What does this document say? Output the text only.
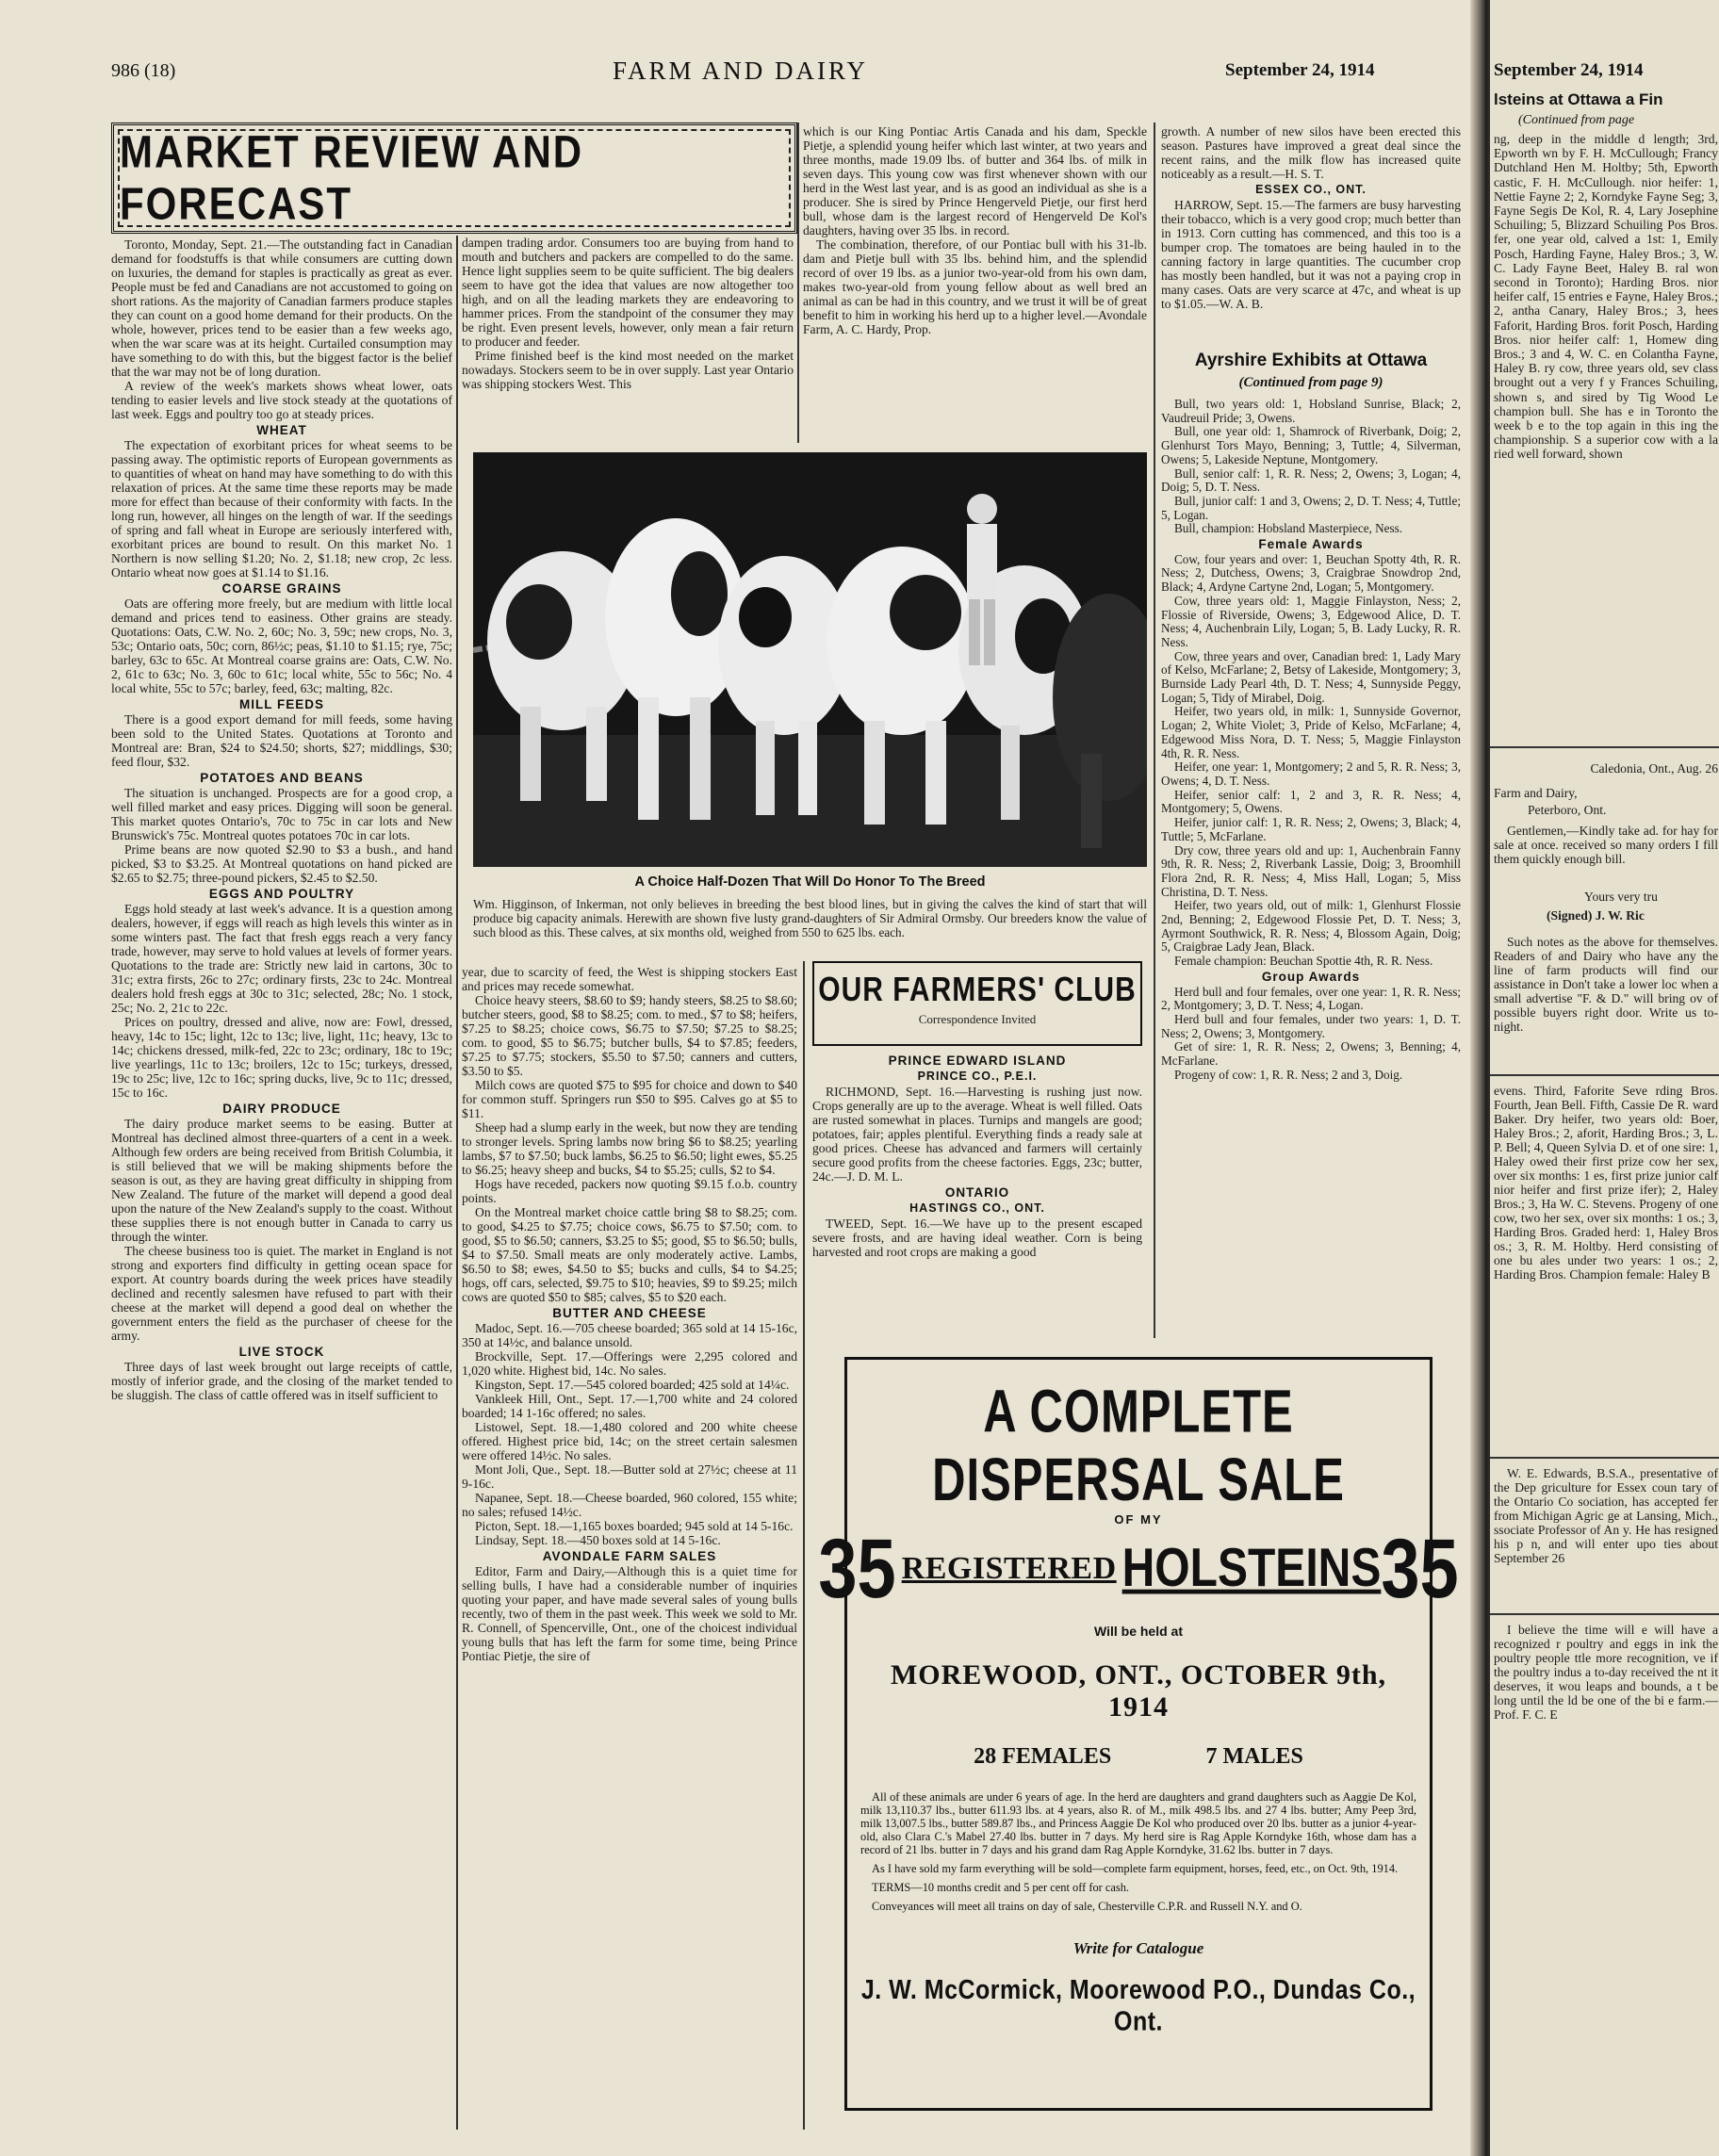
986 (18)	FARM AND DAIRY	September 24, 1914
MARKET REVIEW AND FORECAST

Toronto, Monday, Sept. 21.—The outstanding fact in Canadian demand for foodstuffs is that while consumers are cutting down on luxuries, the demand for staples is practically as great as ever. People must be fed and Canadians are not accustomed to going on short rations. As the majority of Canadian farmers produce staples they can count on a good home demand for their products. On the whole, however, prices tend to be easier than a few weeks ago, when the war scare was at its height. Curtailed consumption may have something to do with this, but the biggest factor is the belief that the war may not be of long duration.

A review of the week's markets shows wheat lower, oats tending to easier levels and live stock steady at the quotations of last week. Eggs and poultry too go at steady prices.

WHEAT

The expectation of exorbitant prices for wheat seems to be passing away. The optimistic reports of European governments as to quantities of wheat on hand may have something to do with this relaxation of prices. At the same time these reports may be made more for effect than because of their conformity with facts. In the long run, however, all hinges on the length of war. If the seedings of spring and fall wheat in Europe are seriously interfered with, exorbitant prices are bound to result. On this market No. 1 Northern is now selling $1.20; No. 2, $1.18; new crop, 2c less. Ontario wheat now goes at $1.14 to $1.16.

COARSE GRAINS

Oats are offering more freely, but are medium with little local demand and prices tend to easiness. Other grains are steady. Quotations: Oats, C.W. No. 2, 60c; No. 3, 59c; new crops, No. 3, 53c; Ontario oats, 50c; corn, 86½c; peas, $1.10 to $1.15; rye, 75c; barley, 63c to 65c. At Montreal coarse grains are: Oats, C.W. No. 2, 61c to 63c; No. 3, 60c to 61c; local white, 55c to 56c; No. 4 local white, 55c to 57c; barley, feed, 63c; malting, 82c.

MILL FEEDS

There is a good export demand for mill feeds, some having been sold to the United States. Quotations at Toronto and Montreal are: Bran, $24 to $24.50; shorts, $27; middlings, $30; feed flour, $32.

POTATOES AND BEANS

The situation is unchanged. Prospects are for a good crop, a well filled market and easy prices. Digging will soon be general. This market quotes Ontario's, 70c to 75c in car lots and New Brunswick's 75c. Montreal quotes potatoes 70c in car lots.

Prime beans are now quoted $2.90 to $3 a bush., and hand picked, $3 to $3.25. At Montreal quotations on hand picked are $2.65 to $2.75; three-pound pickers, $2.45 to $2.50.

EGGS AND POULTRY

Eggs hold steady at last week's advance. It is a question among dealers, however, if eggs will reach as high levels this winter as in some winters past. The fact that fresh eggs reach a very fancy trade, however, may serve to hold values at levels of former years. Quotations to the trade are: Strictly new laid in cartons, 30c to 31c; extra firsts, 26c to 27c; ordinary firsts, 23c to 24c. Montreal dealers hold fresh eggs at 30c to 31c; selected, 28c; No. 1 stock, 25c; No. 2, 21c to 22c.

Prices on poultry, dressed and alive, now are: Fowl, dressed, heavy, 14c to 15c; light, 12c to 13c; live, light, 11c; heavy, 13c to 14c; chickens dressed, milk-fed, 22c to 23c; ordinary, 18c to 19c; live yearlings, 11c to 13c; broilers, 12c to 15c; turkeys, dressed, 19c to 25c; live, 12c to 16c; spring ducks, live, 9c to 11c; dressed, 15c to 16c.

DAIRY PRODUCE

The dairy produce market seems to be easing. Butter at Montreal has declined almost three-quarters of a cent in a week. Although few orders are being received from British Columbia, it is still believed that we will be making shipments before the season is out, as they are having great difficulty in shipping from New Zealand. The future of the market will depend a good deal upon the nature of the New Zealand's supply to the coast. Without these supplies there is not enough butter in Canada to carry us through the winter.

The cheese business too is quiet. The market in England is not strong and exporters find difficulty in getting ocean space for export. At country boards during the week prices have steadily declined and recently salesmen have refused to part with their cheese at the market will depend a good deal on whether the government enters the field as the purchaser of cheese for the army.

LIVE STOCK

Three days of last week brought out large receipts of cattle, mostly of inferior grade, and the closing of the market tended to be sluggish. The class of cattle offered was in itself sufficient to

dampen trading ardor. Consumers too are buying from hand to mouth and butchers and packers are compelled to do the same. Hence light supplies seem to be quite sufficient. The big dealers seem to have got the idea that values are now altogether too high, and on all the leading markets they are endeavoring to hammer prices. From the standpoint of the consumer they may be right. Even present levels, however, only mean a fair return to producer and feeder.

Prime finished beef is the kind most needed on the market nowadays. Stockers seem to be in over supply. Last year Ontario was shipping stockers West. This

which is our King Pontiac Artis Canada and his dam, Speckle Pietje, a splendid young heifer which last winter, at two years and three months, made 19.09 lbs. of butter and 364 lbs. of milk in seven days. This young cow was first whenever shown with our herd in the West last year, and is as good an individual as she is a producer. She is sired by Prince Hengerveld Pietje, our first herd bull, whose dam is the largest record of Hengerveld De Kol's daughters, having over 35 lbs. in record.

The combination, therefore, of our Pontiac bull with his 31-lb. dam and Pietje bull with 35 lbs. behind him, and the splendid record of over 19 lbs. as a junior two-year-old from his own dam, makes two-year-old from young fellow about as well bred an animal as can be had in this country, and we trust it will be of great benefit to him in working his herd up to a higher level.—Avondale Farm, A. C. Hardy, Prop.

A Choice Half-Dozen That Will Do Honor To The Breed
Wm. Higginson, of Inkerman, not only believes in breeding the best blood lines, but in giving the calves the kind of start that will produce big capacity animals. Herewith are shown five lusty grand-daughters of Sir Admiral Ormsby. Our breeders know the value of such blood as this. These calves, at six months old, weighed from 550 to 625 lbs. each.

year, due to scarcity of feed, the West is shipping stockers East and prices may recede somewhat.

Choice heavy steers, $8.60 to $9; handy steers, $8.25 to $8.60; butcher steers, good, $8 to $8.25; com. to med., $7 to $8; heifers, $7.25 to $8.25; choice cows, $6.75 to $7.50; $7.25 to $8.25; com. to good, $5 to $6.75; butcher bulls, $4 to $7.85; feeders, $7.25 to $7.75; stockers, $5.50 to $7.50; canners and cutters, $3.50 to $5.

Milch cows are quoted $75 to $95 for choice and down to $40 for common stuff. Springers run $50 to $95. Calves go at $5 to $11.

Sheep had a slump early in the week, but now they are tending to stronger levels. Spring lambs now bring $6 to $8.25; yearling lambs, $7 to $7.50; buck lambs, $6.25 to $6.50; light ewes, $5.25 to $6.25; heavy sheep and bucks, $4 to $5.25; culls, $2 to $4.

Hogs have receded, packers now quoting $9.15 f.o.b. country points.

On the Montreal market choice cattle bring $8 to $8.25; com. to good, $4.25 to $7.75; choice cows, $6.75 to $7.50; com. to good, $5 to $6.50; canners, $3.25 to $5; good, $5 to $6.50; bulls, $4 to $7.50. Small meats are only moderately active. Lambs, $6.50 to $8; ewes, $4.50 to $5; bucks and culls, $4 to $4.25; hogs, off cars, selected, $9.75 to $10; heavies, $9 to $9.25; milch cows are quoted $50 to $85; calves, $5 to $20 each.

BUTTER AND CHEESE

Madoc, Sept. 16.—705 cheese boarded; 365 sold at 14 15-16c, 350 at 14½c, and balance unsold.

Brockville, Sept. 17.—Offerings were 2,295 colored and 1,020 white. Highest bid, 14c. No sales.

Kingston, Sept. 17.—545 colored boarded; 425 sold at 14¼c.

Vankleek Hill, Ont., Sept. 17.—1,700 white and 24 colored boarded; 14 1-16c offered; no sales.

Listowel, Sept. 18.—1,480 colored and 200 white cheese offered. Highest price bid, 14c; on the street certain salesmen were offered 14½c. No sales.

Mont Joli, Que., Sept. 18.—Butter sold at 27½c; cheese at 11 9-16c.

Napanee, Sept. 18.—Cheese boarded, 960 colored, 155 white; no sales; refused 14½c.

Picton, Sept. 18.—1,165 boxes boarded; 945 sold at 14 5-16c.

Lindsay, Sept. 18.—450 boxes sold at 14 5-16c.

AVONDALE FARM SALES

Editor, Farm and Dairy,—Although this is a quiet time for selling bulls, I have had a considerable number of inquiries quoting your paper, and have made several sales of young bulls recently, two of them in the past week. This week we sold to Mr. R. Connell, of Spencerville, Ont., one of the choicest individual young bulls that has left the farm for some time, being Prince Pontiac Pietje, the sire of

OUR FARMERS' CLUB
Correspondence Invited
PRINCE EDWARD ISLAND
PRINCE CO., P.E.I.

RICHMOND, Sept. 16.—Harvesting is rushing just now. Crops generally are up to the average. Wheat is well filled. Oats are rusted somewhat in places. Turnips and mangels are good; potatoes, fair; apples plentiful. Everything finds a ready sale at good prices. Cheese has advanced and farmers will certainly secure good profits from the cheese factories. Eggs, 23c; butter, 24c.—J. D. M. L.

ONTARIO
HASTINGS CO., ONT.

TWEED, Sept. 16.—We have up to the present escaped severe frosts, and are having ideal weather. Corn is being harvested and root crops are making a good

growth. A number of new silos have been erected this season. Pastures have improved a great deal since the recent rains, and the milk flow has increased quite noticeably as a result.—H. S. T.

ESSEX CO., ONT.

HARROW, Sept. 15.—The farmers are busy harvesting their tobacco, which is a very good crop; much better than in 1913. Corn cutting has commenced, and this too is a bumper crop. The tomatoes are being hauled in to the canning factory in large quantities. The cucumber crop has mostly been handled, but it was not a paying crop in many cases. Oats are very scarce at 47c, and wheat is up to $1.05.—W. A. B.

Ayrshire Exhibits at Ottawa
(Continued from page 9)

Bull, two years old: 1, Hobsland Sunrise, Black; 2, Vaudreuil Pride; 3, Owens.

Bull, one year old: 1, Shamrock of Riverbank, Doig; 2, Glenhurst Tors Mayo, Benning; 3, Tuttle; 4, Silverman, Owens; 5, Lakeside Neptune, Montgomery.

Bull, senior calf: 1, R. R. Ness; 2, Owens; 3, Logan; 4, Doig; 5, D. T. Ness.

Bull, junior calf: 1 and 3, Owens; 2, D. T. Ness; 4, Tuttle; 5, Logan.

Bull, champion: Hobsland Masterpiece, Ness.

Female Awards

Cow, four years and over: 1, Beuchan Spotty 4th, R. R. Ness; 2, Dutchess, Owens; 3, Craigbrae Snowdrop 2nd, Black; 4, Ardyne Cartyne 2nd, Logan; 5, Montgomery.

Cow, three years old: 1, Maggie Finlayston, Ness; 2, Flossie of Riverside, Owens; 3, Edgewood Alice, D. T. Ness; 4, Auchenbrain Lily, Logan; 5, B. Lady Lucky, R. R. Ness.

Cow, three years and over, Canadian bred: 1, Lady Mary of Kelso, McFarlane; 2, Betsy of Lakeside, Montgomery; 3, Burnside Lady Pearl 4th, D. T. Ness; 4, Sunnyside Peggy, Logan; 5, Tidy of Mirabel, Doig.

Heifer, two years old, in milk: 1, Sunnyside Governor, Logan; 2, White Violet; 3, Pride of Kelso, McFarlane; 4, Edgewood Miss Nora, D. T. Ness; 5, Maggie Finlayston 4th, R. R. Ness.

Heifer, one year: 1, Montgomery; 2 and 5, R. R. Ness; 3, Owens; 4, D. T. Ness.

Heifer, senior calf: 1, 2 and 3, R. R. Ness; 4, Montgomery; 5, Owens.

Heifer, junior calf: 1, R. R. Ness; 2, Owens; 3, Black; 4, Tuttle; 5, McFarlane.

Dry cow, three years old and up: 1, Auchenbrain Fanny 9th, R. R. Ness; 2, Riverbank Lassie, Doig; 3, Broomhill Flora 2nd, R. R. Ness; 4, Miss Hall, Logan; 5, Miss Christina, D. T. Ness.

Heifer, two years old, out of milk: 1, Glenhurst Flossie 2nd, Benning; 2, Edgewood Flossie Pet, D. T. Ness; 3, Ayrmont Southwick, R. R. Ness; 4, Blossom Again, Doig; 5, Craigbrae Lady Jean, Black.

Female champion: Beuchan Spottie 4th, R. R. Ness.

Group Awards

Herd bull and four females, over one year: 1, R. R. Ness; 2, Montgomery; 3, D. T. Ness; 4, Logan.

Herd bull and four females, under two years: 1, D. T. Ness; 2, Owens; 3, Montgomery.

Get of sire: 1, R. R. Ness; 2, Owens; 3, Benning; 4, McFarlane.

Progeny of cow: 1, R. R. Ness; 2 and 3, Doig.

A COMPLETE DISPERSAL SALE
OF MY
35 REGISTERED HOLSTEINS 35
Will be held at
MOREWOOD, ONT., OCTOBER 9th, 1914
28 FEMALES	7 MALES

All of these animals are under 6 years of age. In the herd are daughters and grand daughters such as Aaggie De Kol, milk 13,110.37 lbs., butter 611.93 lbs. at 4 years, also R. of M., milk 498.5 lbs. and 27 4 lbs. butter; Amy Peep 3rd, milk 13,007.5 lbs., butter 589.87 lbs., and Princess Aaggie De Kol who produced over 20 lbs. butter as a junior 4-year-old, also Clara C.'s Mabel 27.40 lbs. butter in 7 days. My herd sire is Rag Apple Korndyke 16th, whose dam has a record of 21 lbs. butter in 7 days and his grand dam Rag Apple Korndyke, 31.62 lbs. butter in 7 days.

As I have sold my farm everything will be sold—complete farm equipment, horses, feed, etc., on Oct. 9th, 1914.

TERMS—10 months credit and 5 per cent off for cash.

Conveyances will meet all trains on day of sale, Chesterville C.P.R. and Russell N.Y. and O.

Write for Catalogue
J. W. McCormick, Moorewood P.O., Dundas Co., Ont.
September 24, 1914
lsteins at Ottawa a Fin
(Continued from page
ng, deep in the middle d length; 3rd, Epworth wn by F. H. McCullough; Francy Dutchland Hen M. Holtby; 5th, Epworth castic, F. H. McCullough. nior heifer: 1, Nettie Fayne 2; 2, Korndyke Fayne Seg; 3, Fayne Segis De Kol, R. 4, Lary Josephine Schuiling; 5, Blizzard Schuiling Pos Bros. fer, one year old, calved a 1st: 1, Emily Posch, Harding Fayne, Haley Bros.; 3, W. C. Lady Fayne Beet, Haley B. ral won second in Toronto); Harding Bros. nior heifer calf, 15 entries e Fayne, Haley Bros.; 2, antha Canary, Haley Bros.; 3, hees Faforit, Harding Bros. forit Posch, Harding Bros. nior heifer calf: 1, Homew ding Bros.; 3 and 4, W. C. en Colantha Fayne, Haley B. ry cow, three years old, sev class brought out a very f y Frances Schuiling, shown s, and sired by Tig Wood Le champion bull. She has e in Toronto the week b e to the top again in this ing the championship. S a superior cow with a la ried well forward, shown
Caledonia, Ont., Aug. 26
Farm and Dairy,
Peterboro, Ont.
Gentlemen,—Kindly take ad. for hay for sale at once. received so many orders I fill them quickly enough bill.
Yours very tru
(Signed) J. W. Ric
Such notes as the above for themselves. Readers of and Dairy who have any the line of farm products will find our assistance in Don't take a lower loc when a small advertise "F. & D." will bring ov of possible buyers right door. Write us to-night.
evens. Third, Faforite Seve rding Bros. Fourth, Jean Bell. Fifth, Cassie De R. ward Baker. Dry heifer, two years old: Boer, Haley Bros.; 2, aforit, Harding Bros.; 3, L. P. Bell; 4, Queen Sylvia D. et of one sire: 1, Haley owed their first prize cow her sex, over six months: 1 es, first prize junior calf nior heifer and first prize ifer); 2, Haley Bros.; 3, Ha W. C. Stevens. Progeny of one cow, two her sex, over six months: 1 os.; 3, Harding Bros. Graded herd: 1, Haley Bros os.; 3, R. M. Holtby. Herd consisting of one bu ales under two years: 1 os.; 2, Harding Bros. Champion female: Haley B
W. E. Edwards, B.S.A., presentative of the Dep griculture for Essex coun tary of the Ontario Co sociation, has accepted fer from Michigan Agric ge at Lansing, Mich., ssociate Professor of An y. He has resigned his p n, and will enter upo ties about September 26
I believe the time will e will have a recognized r poultry and eggs in ink the poultry people ttle more recognition, ve if the poultry indus a to-day received the nt it deserves, it wou leaps and bounds, a t be long until the ld be one of the bi e farm.—Prof. F. C. E
